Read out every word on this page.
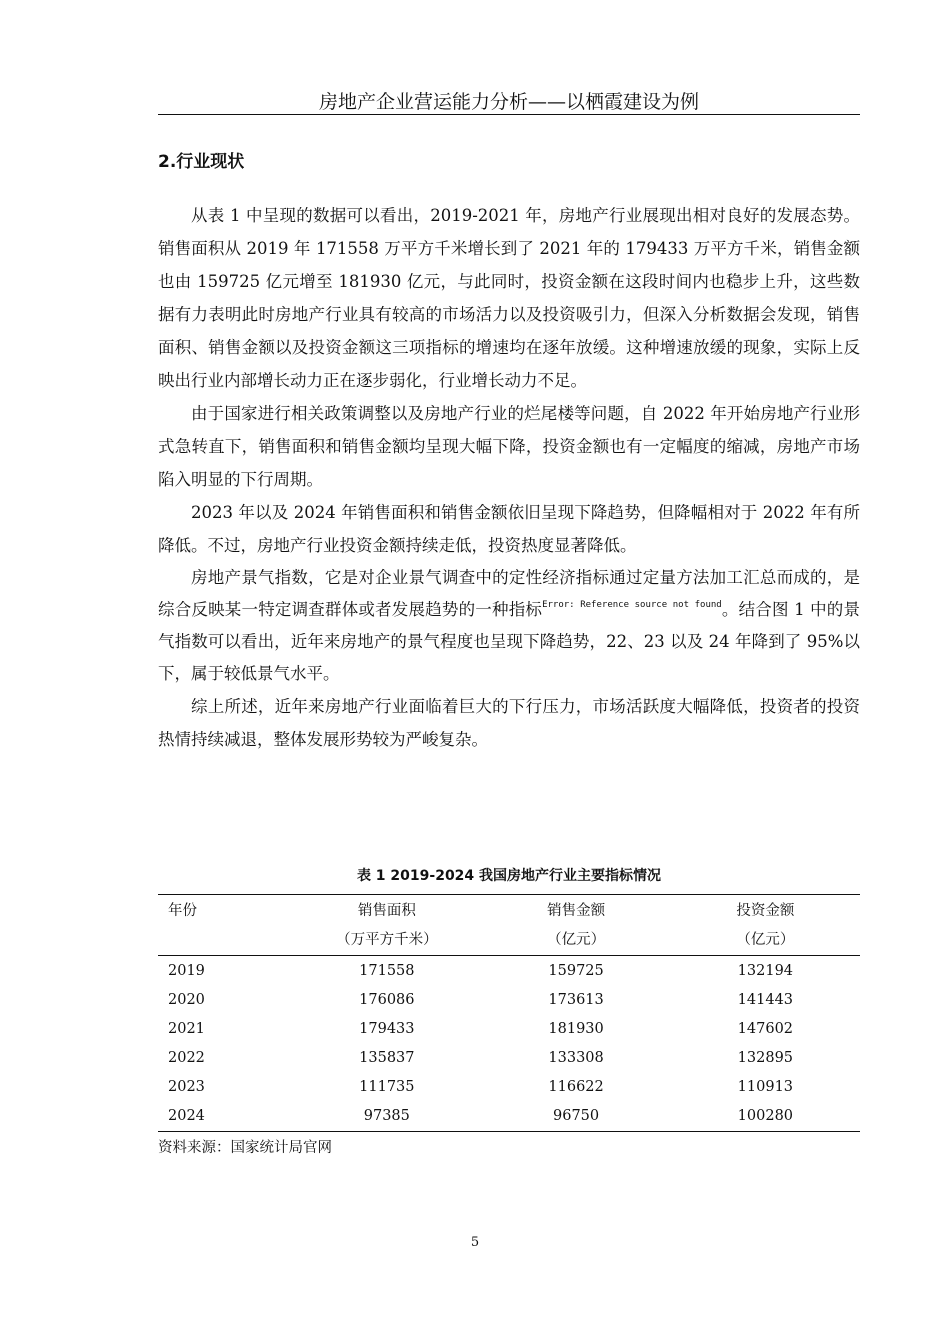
房地产企业营运能力分析——以栖霞建设为例
2.行业现状

从表 1 中呈现的数据可以看出，2019-2021 年，房地产行业展现出相对良好的发展态势。销售面积从 2019 年 171558 万平方千米增长到了 2021 年的 179433 万平方千米，销售金额也由 159725 亿元增至 181930 亿元，与此同时，投资金额在这段时间内也稳步上升，这些数据有力表明此时房地产行业具有较高的市场活力以及投资吸引力，但深入分析数据会发现，销售面积、销售金额以及投资金额这三项指标的增速均在逐年放缓。这种增速放缓的现象，实际上反映出行业内部增长动力正在逐步弱化，行业增长动力不足。

由于国家进行相关政策调整以及房地产行业的烂尾楼等问题，自 2022 年开始房地产行业形式急转直下，销售面积和销售金额均呈现大幅下降，投资金额也有一定幅度的缩减，房地产市场陷入明显的下行周期。

2023 年以及 2024 年销售面积和销售金额依旧呈现下降趋势，但降幅相对于 2022 年有所降低。不过，房地产行业投资金额持续走低，投资热度显著降低。

房地产景气指数，它是对企业景气调查中的定性经济指标通过定量方法加工汇总而成的，是综合反映某一特定调查群体或者发展趋势的一种指标$^{Error: Reference source not found}$。结合图 1 中的景气指数可以看出，近年来房地产的景气程度也呈现下降趋势，22、23 以及 24 年降到了 95%以下，属于较低景气水平。

综上所述，近年来房地产行业面临着巨大的下行压力，市场活跃度大幅降低，投资者的投资热情持续减退，整体发展形势较为严峻复杂。

表 1 2019-2024 我国房地产行业主要指标情况
年份	销售面积	销售金额	投资金额
	（万平方千米）	（亿元）	（亿元）
2019	171558	159725	132194
2020	176086	173613	141443
2021	179433	181930	147602
2022	135837	133308	132895
2023	111735	116622	110913
2024	97385	96750	100280
资料来源：国家统计局官网
5
